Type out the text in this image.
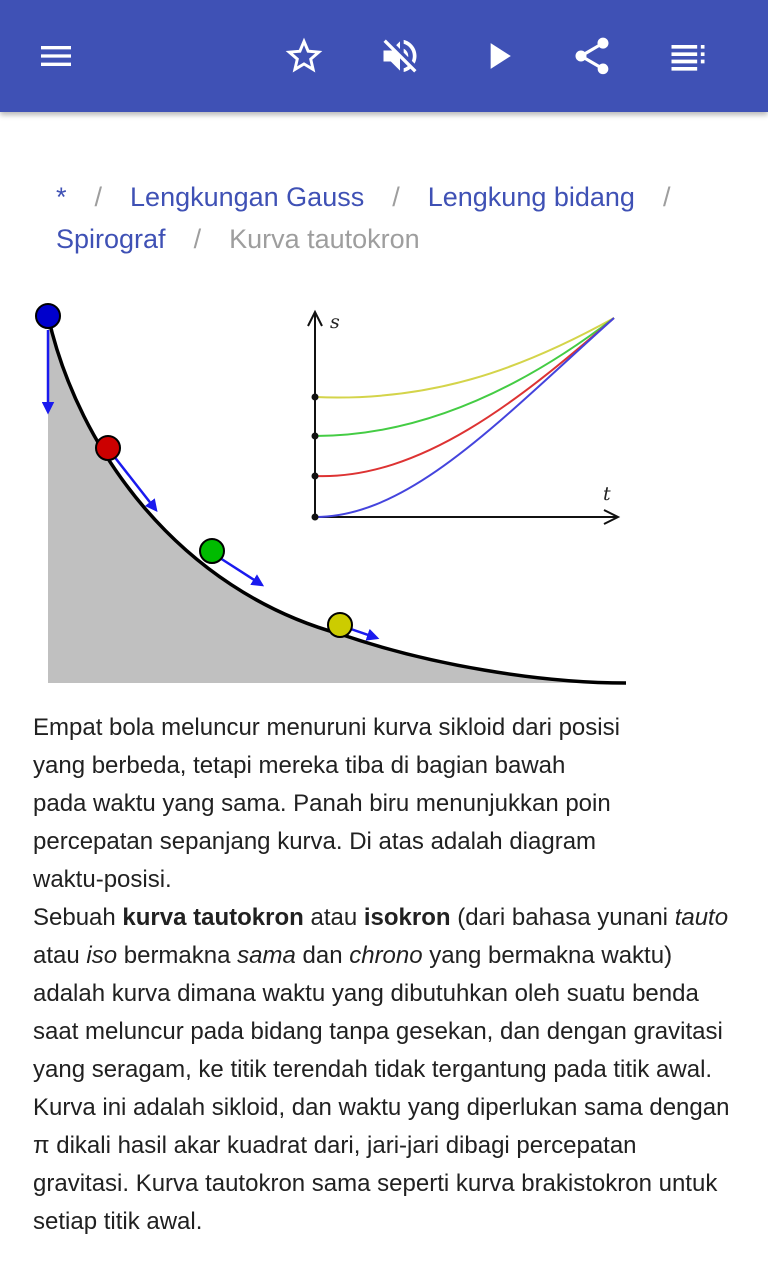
* / Lengkungan Gauss / Lengkung bidang /
Spirograf / Kurva tautokron
s
t

Empat bola meluncur menuruni kurva sikloid dari posisi yang berbeda, tetapi mereka tiba di bagian bawah pada waktu yang sama. Panah biru menunjukkan poin percepatan sepanjang kurva. Di atas adalah diagram waktu-posisi.

Sebuah kurva tautokron atau isokron (dari bahasa yunani tauto atau iso bermakna sama dan chrono yang bermakna waktu) adalah kurva dimana waktu yang dibutuhkan oleh suatu benda saat meluncur pada bidang tanpa gesekan, dan dengan gravitasi yang seragam, ke titik terendah tidak tergantung pada titik awal. Kurva ini adalah sikloid, dan waktu yang diperlukan sama dengan π dikali hasil akar kuadrat dari, jari-jari dibagi percepatan gravitasi. Kurva tautokron sama seperti kurva brakistokron untuk setiap titik awal.
